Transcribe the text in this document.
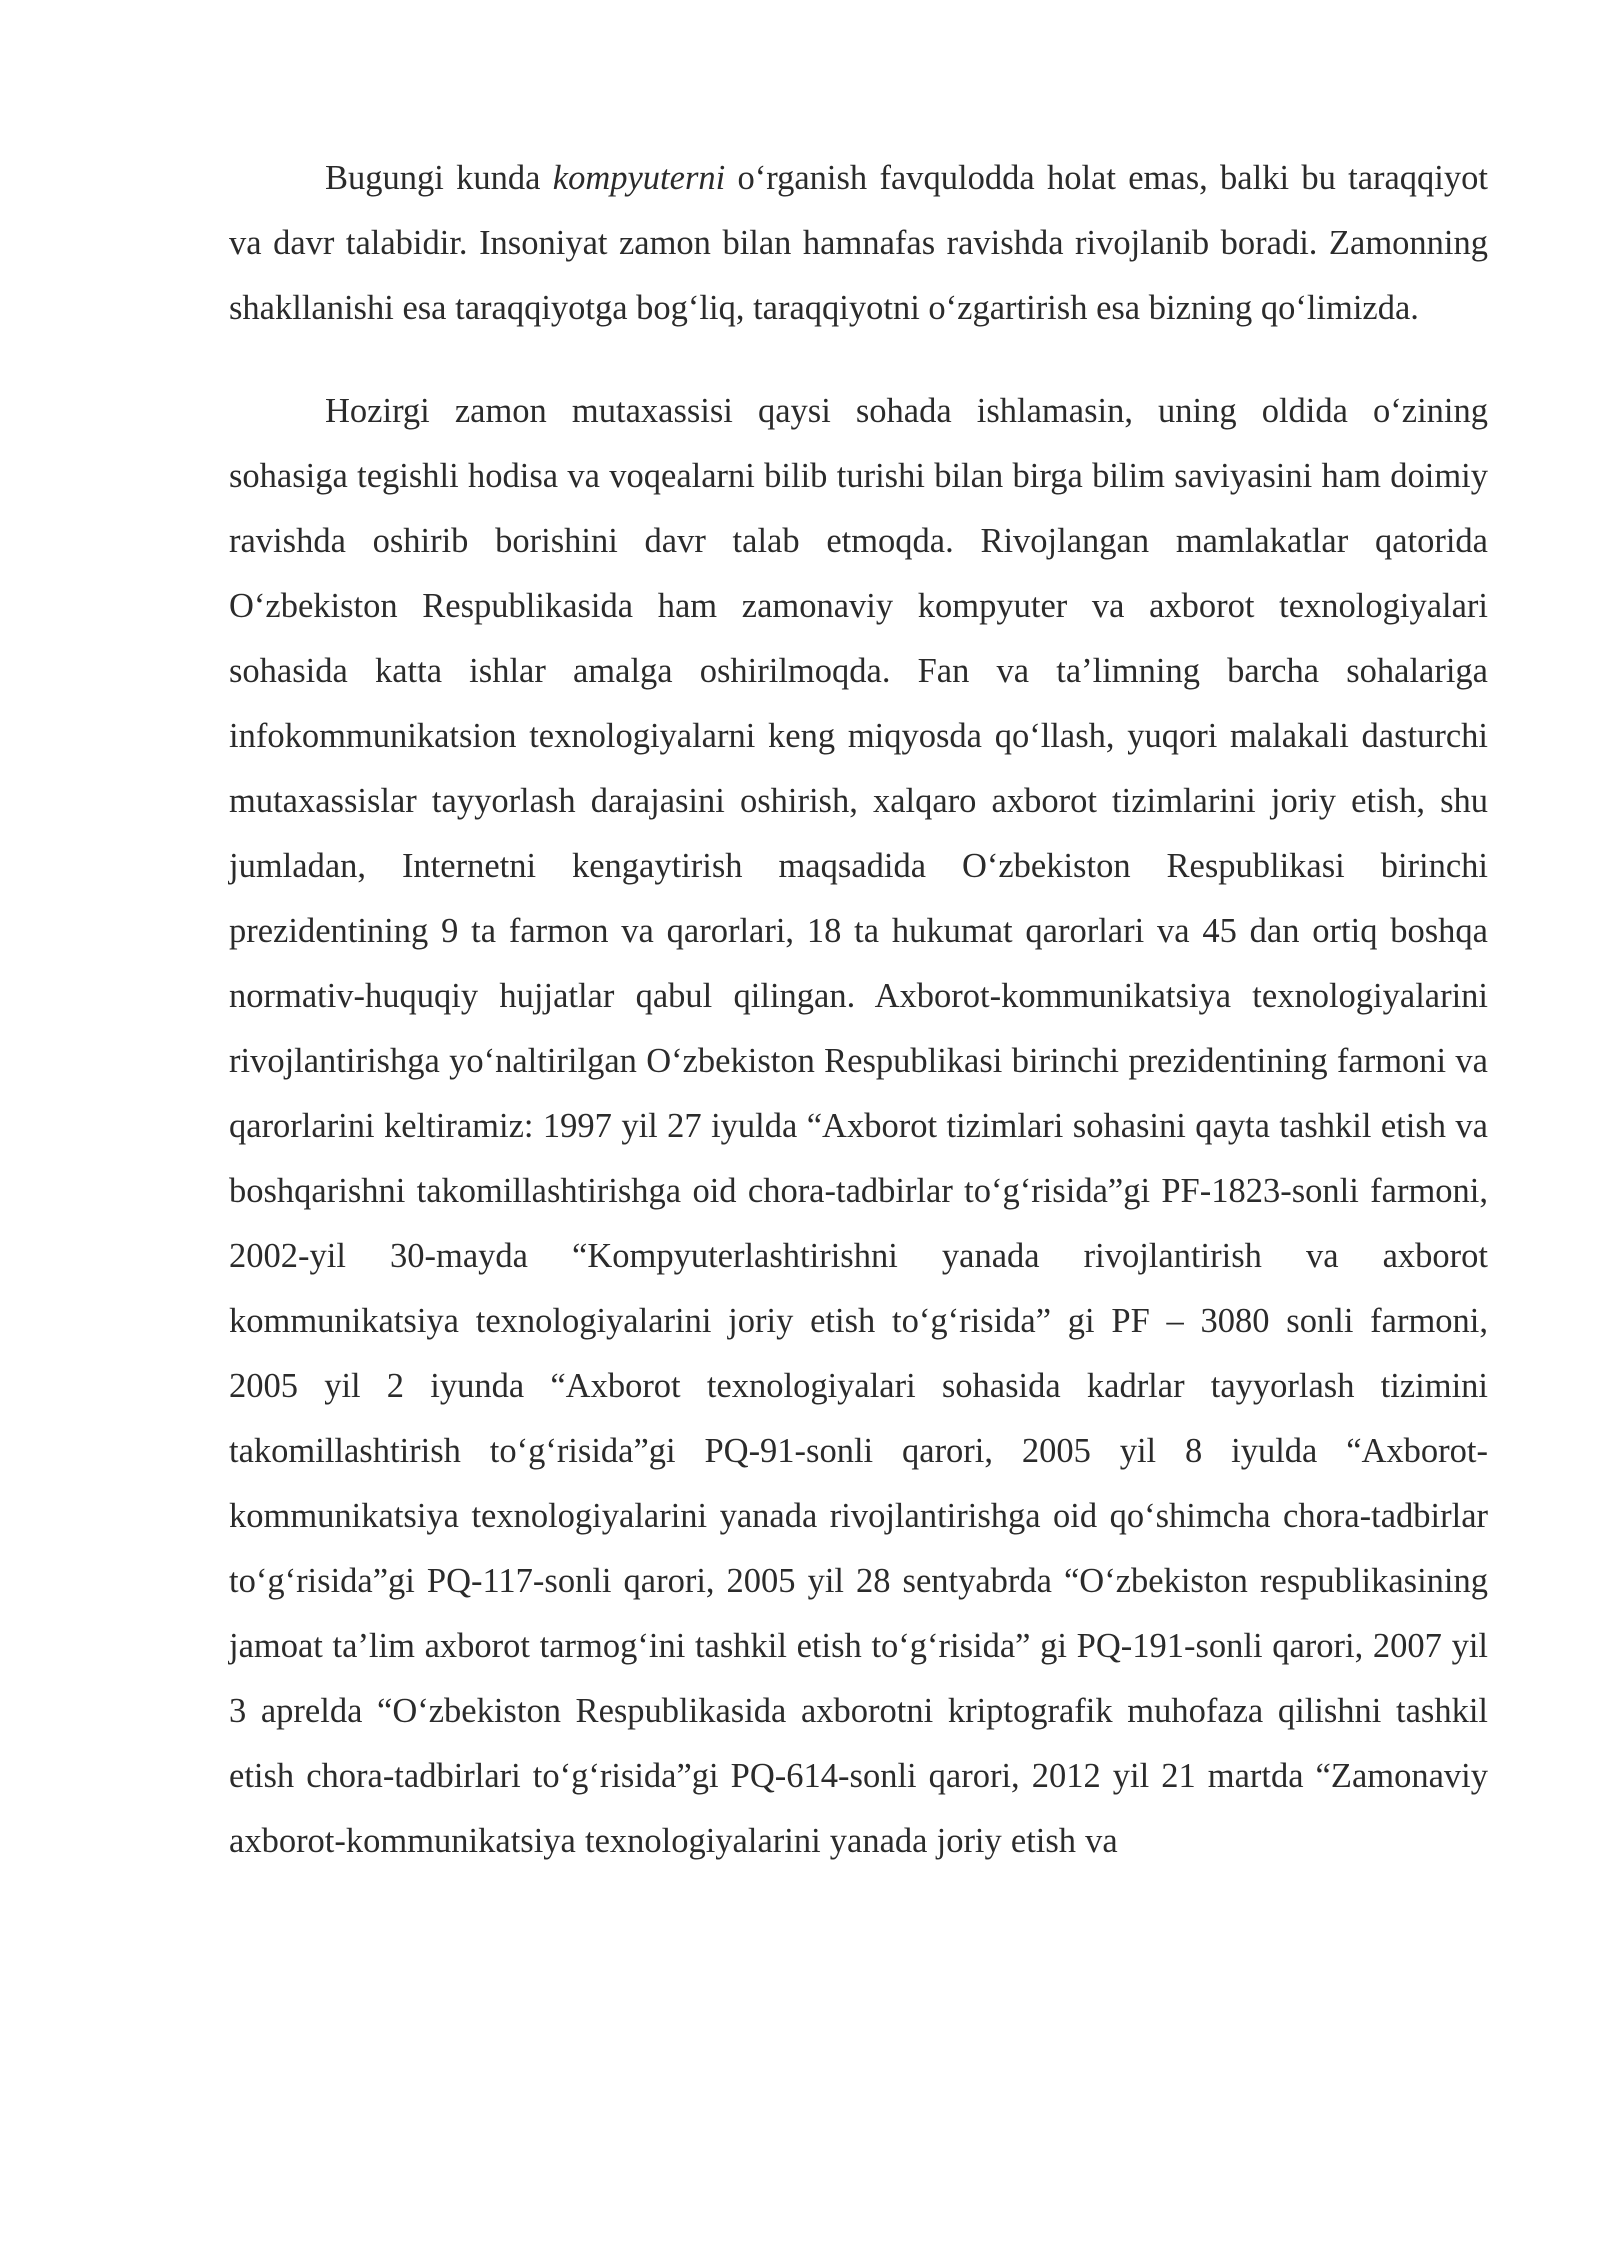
Bugungi kunda kompyuterni o‘rganish favqulodda holat emas, balki bu taraqqiyot va davr talabidir. Insoniyat zamon bilan hamnafas ravishda rivojlanib boradi. Zamonning shakllanishi esa taraqqiyotga bog‘liq, taraqqiyotni o‘zgartirish esa bizning qo‘limizda.

Hozirgi zamon mutaxassisi qaysi sohada ishlamasin, uning oldida o‘zining sohasiga tegishli hodisa va voqealarni bilib turishi bilan birga bilim saviyasini ham doimiy ravishda oshirib borishini davr talab etmoqda. Rivojlangan mamlakatlar qatorida O‘zbekiston Respublikasida ham zamonaviy kompyuter va axborot texnologiyalari sohasida katta ishlar amalga oshirilmoqda. Fan va ta’limning barcha sohalariga infokommunikatsion texnologiyalarni keng miqyosda qo‘llash, yuqori malakali dasturchi mutaxassislar tayyorlash darajasini oshirish, xalqaro axborot tizimlarini joriy etish, shu jumladan, Internetni kengaytirish maqsadida O‘zbekiston Respublikasi birinchi prezidentining 9 ta farmon va qarorlari, 18 ta hukumat qarorlari va 45 dan ortiq boshqa normativ-huquqiy hujjatlar qabul qilingan. Axborot-kommunikatsiya texnologiyalarini rivojlantirishga yo‘naltirilgan O‘zbekiston Respublikasi birinchi prezidentining farmoni va qarorlarini keltiramiz: 1997 yil 27 iyulda “Axborot tizimlari sohasini qayta tashkil etish va boshqarishni takomillashtirishga oid chora-tadbirlar to‘g‘risida”gi PF-1823-sonli farmoni, 2002-yil 30-mayda “Kompyuterlashtirishni yanada rivojlantirish va axborot kommunikatsiya texnologiyalarini joriy etish to‘g‘risida” gi PF – 3080 sonli farmoni, 2005 yil 2 iyunda “Axborot texnologiyalari sohasida kadrlar tayyorlash tizimini takomillashtirish to‘g‘risida”gi PQ-91-sonli qarori, 2005 yil 8 iyulda “Axborot-kommunikatsiya texnologiyalarini yanada rivojlantirishga oid qo‘shimcha chora-tadbirlar to‘g‘risida”gi PQ-117-sonli qarori, 2005 yil 28 sentyabrda “O‘zbekiston respublikasining jamoat ta’lim axborot tarmog‘ini tashkil etish to‘g‘risida” gi PQ-191-sonli qarori, 2007 yil 3 aprelda “O‘zbekiston Respublikasida axborotni kriptografik muhofaza qilishni tashkil etish chora-tadbirlari to‘g‘risida”gi PQ-614-sonli qarori, 2012 yil 21 martda “Zamonaviy axborot-kommunikatsiya texnologiyalarini yanada joriy etish va
